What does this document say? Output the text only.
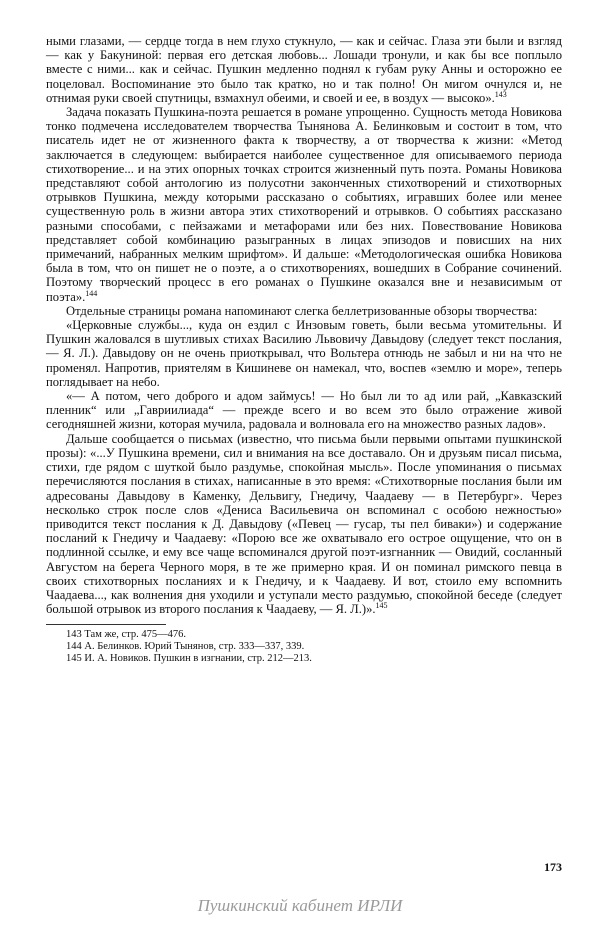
ными глазами, — сердце тогда в нем глухо стукнуло, — как и сейчас. Глаза эти были и взгляд — как у Бакуниной: первая его детская любовь... Лошади тронули, и как бы все поплыло вместе с ними... как и сейчас. Пушкин медленно поднял к губам руку Анны и осторожно ее поцеловал. Воспоминание это было так кратко, но и так полно! Он мигом очнулся и, не отнимая руки своей спутницы, взмахнул обеими, и своей и ее, в воздух — высоко».$^{143}$

Задача показать Пушкина-поэта решается в романе упрощенно. Сущность метода Новикова тонко подмечена исследователем творчества Тынянова А. Белинковым и состоит в том, что писатель идет не от жизненного факта к творчеству, а от творчества к жизни: «Метод заключается в следующем: выбирается наиболее существенное для описываемого периода стихотворение... и на этих опорных точках строится жизненный путь поэта. Романы Новикова представляют собой антологию из полусотни законченных стихотворений и стихотворных отрывков Пушкина, между которыми рассказано о событиях, игравших более или менее существенную роль в жизни автора этих стихотворений и отрывков. О событиях рассказано разными способами, с пейзажами и метафорами или без них. Повествование Новикова представляет собой комбинацию разыгранных в лицах эпизодов и повисших на них примечаний, набранных мелким шрифтом». И дальше: «Методологическая ошибка Новикова была в том, что он пишет не о поэте, а о стихотворениях, вошедших в Собрание сочинений. Поэтому творческий процесс в его романах о Пушкине оказался вне и независимым от поэта».$^{144}$

Отдельные страницы романа напоминают слегка беллетризованные обзоры творчества:

«Церковные службы..., куда он ездил с Инзовым говеть, были весьма утомительны. И Пушкин жаловался в шутливых стихах Василию Львовичу Давыдову (следует текст послания, — Я. Л.). Давыдову он не очень приоткрывал, что Вольтера отнюдь не забыл и ни на что не променял. Напротив, приятелям в Кишиневе он намекал, что, воспев «землю и море», теперь поглядывает на небо.

«— А потом, чего доброго и адом займусь! — Но был ли то ад или рай, „Кавказский пленник“ или „Гавриилиада“ — прежде всего и во всем это было отражение живой сегодняшней жизни, которая мучила, радовала и волновала его на множество разных ладов».

Дальше сообщается о письмах (известно, что письма были первыми опытами пушкинской прозы): «...У Пушкина времени, сил и внимания на все доставало. Он и друзьям писал письма, стихи, где рядом с шуткой было раздумье, спокойная мысль». После упоминания о письмах перечисляются послания в стихах, написанные в это время: «Стихотворные послания были им адресованы Давыдову в Каменку, Дельвигу, Гнедичу, Чаадаеву — в Петербург». Через несколько строк после слов «Дениса Васильевича он вспоминал с особою нежностью» приводится текст послания к Д. Давыдову («Певец — гусар, ты пел биваки») и содержание посланий к Гнедичу и Чаадаеву: «Порою все же охватывало его острое ощущение, что он в подлинной ссылке, и ему все чаще вспоминался другой поэт-изгнанник — Овидий, сосланный Августом на берега Черного моря, в те же примерно края. И он поминал римского певца в своих стихотворных посланиях и к Гнедичу, и к Чаадаеву. И вот, стоило ему вспомнить Чаадаева..., как волнения дня уходили и уступали место раздумью, спокойной беседе (следует большой отрывок из второго послания к Чаадаеву, — Я. Л.)».$^{145}$

143 Там же, стр. 475—476.

144 А. Белинков. Юрий Тынянов, стр. 333—337, 339.

145 И. А. Новиков. Пушкин в изгнании, стр. 212—213.

173
Пушкинский кабинет ИРЛИ
